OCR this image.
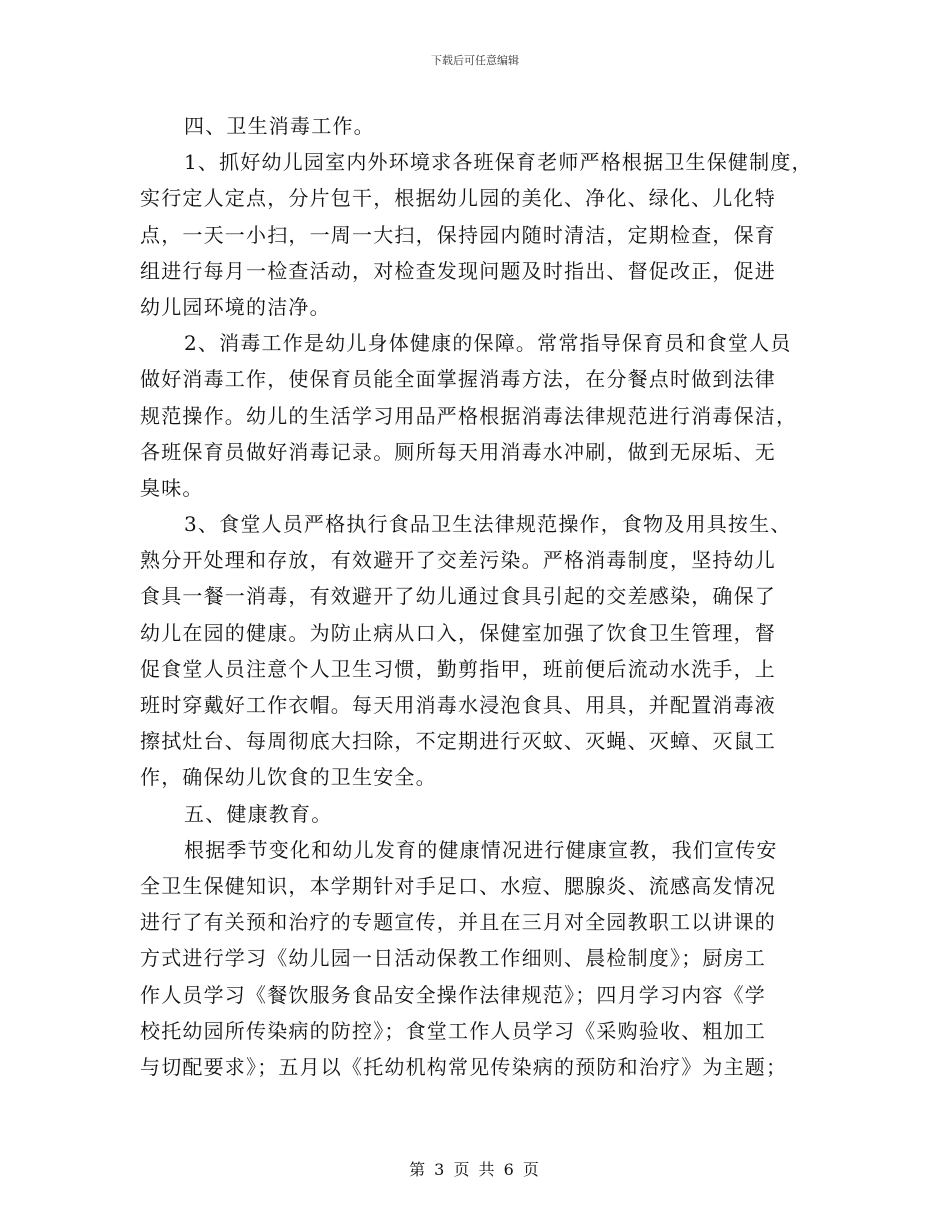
下载后可任意编辑
四、卫生消毒工作。
1、抓好幼儿园室内外环境求各班保育老师严格根据卫生保健制度，
实行定人定点，分片包干，根据幼儿园的美化、净化、绿化、儿化特
点，一天一小扫，一周一大扫，保持园内随时清洁，定期检查，保育
组进行每月一检查活动，对检查发现问题及时指出、督促改正，促进
幼儿园环境的洁净。
2、消毒工作是幼儿身体健康的保障。常常指导保育员和食堂人员
做好消毒工作，使保育员能全面掌握消毒方法，在分餐点时做到法律
规范操作。幼儿的生活学习用品严格根据消毒法律规范进行消毒保洁，
各班保育员做好消毒记录。厕所每天用消毒水冲刷，做到无尿垢、无
臭味。
3、食堂人员严格执行食品卫生法律规范操作，食物及用具按生、
熟分开处理和存放，有效避开了交差污染。严格消毒制度，坚持幼儿
食具一餐一消毒，有效避开了幼儿通过食具引起的交差感染，确保了
幼儿在园的健康。为防止病从口入，保健室加强了饮食卫生管理，督
促食堂人员注意个人卫生习惯，勤剪指甲，班前便后流动水洗手，上
班时穿戴好工作衣帽。每天用消毒水浸泡食具、用具，并配置消毒液
擦拭灶台、每周彻底大扫除，不定期进行灭蚊、灭蝇、灭蟑、灭鼠工
作，确保幼儿饮食的卫生安全。
五、健康教育。
根据季节变化和幼儿发育的健康情况进行健康宣教，我们宣传安
全卫生保健知识，本学期针对手足口、水痘、腮腺炎、流感高发情况
进行了有关预和治疗的专题宣传，并且在三月对全园教职工以讲课的
方式进行学习《幼儿园一日活动保教工作细则、晨检制度》；厨房工
作人员学习《餐饮服务食品安全操作法律规范》；四月学习内容《学
校托幼园所传染病的防控》；食堂工作人员学习《采购验收、粗加工
与切配要求》；五月以《托幼机构常见传染病的预防和治疗》为主题；
第 3 页 共 6 页
